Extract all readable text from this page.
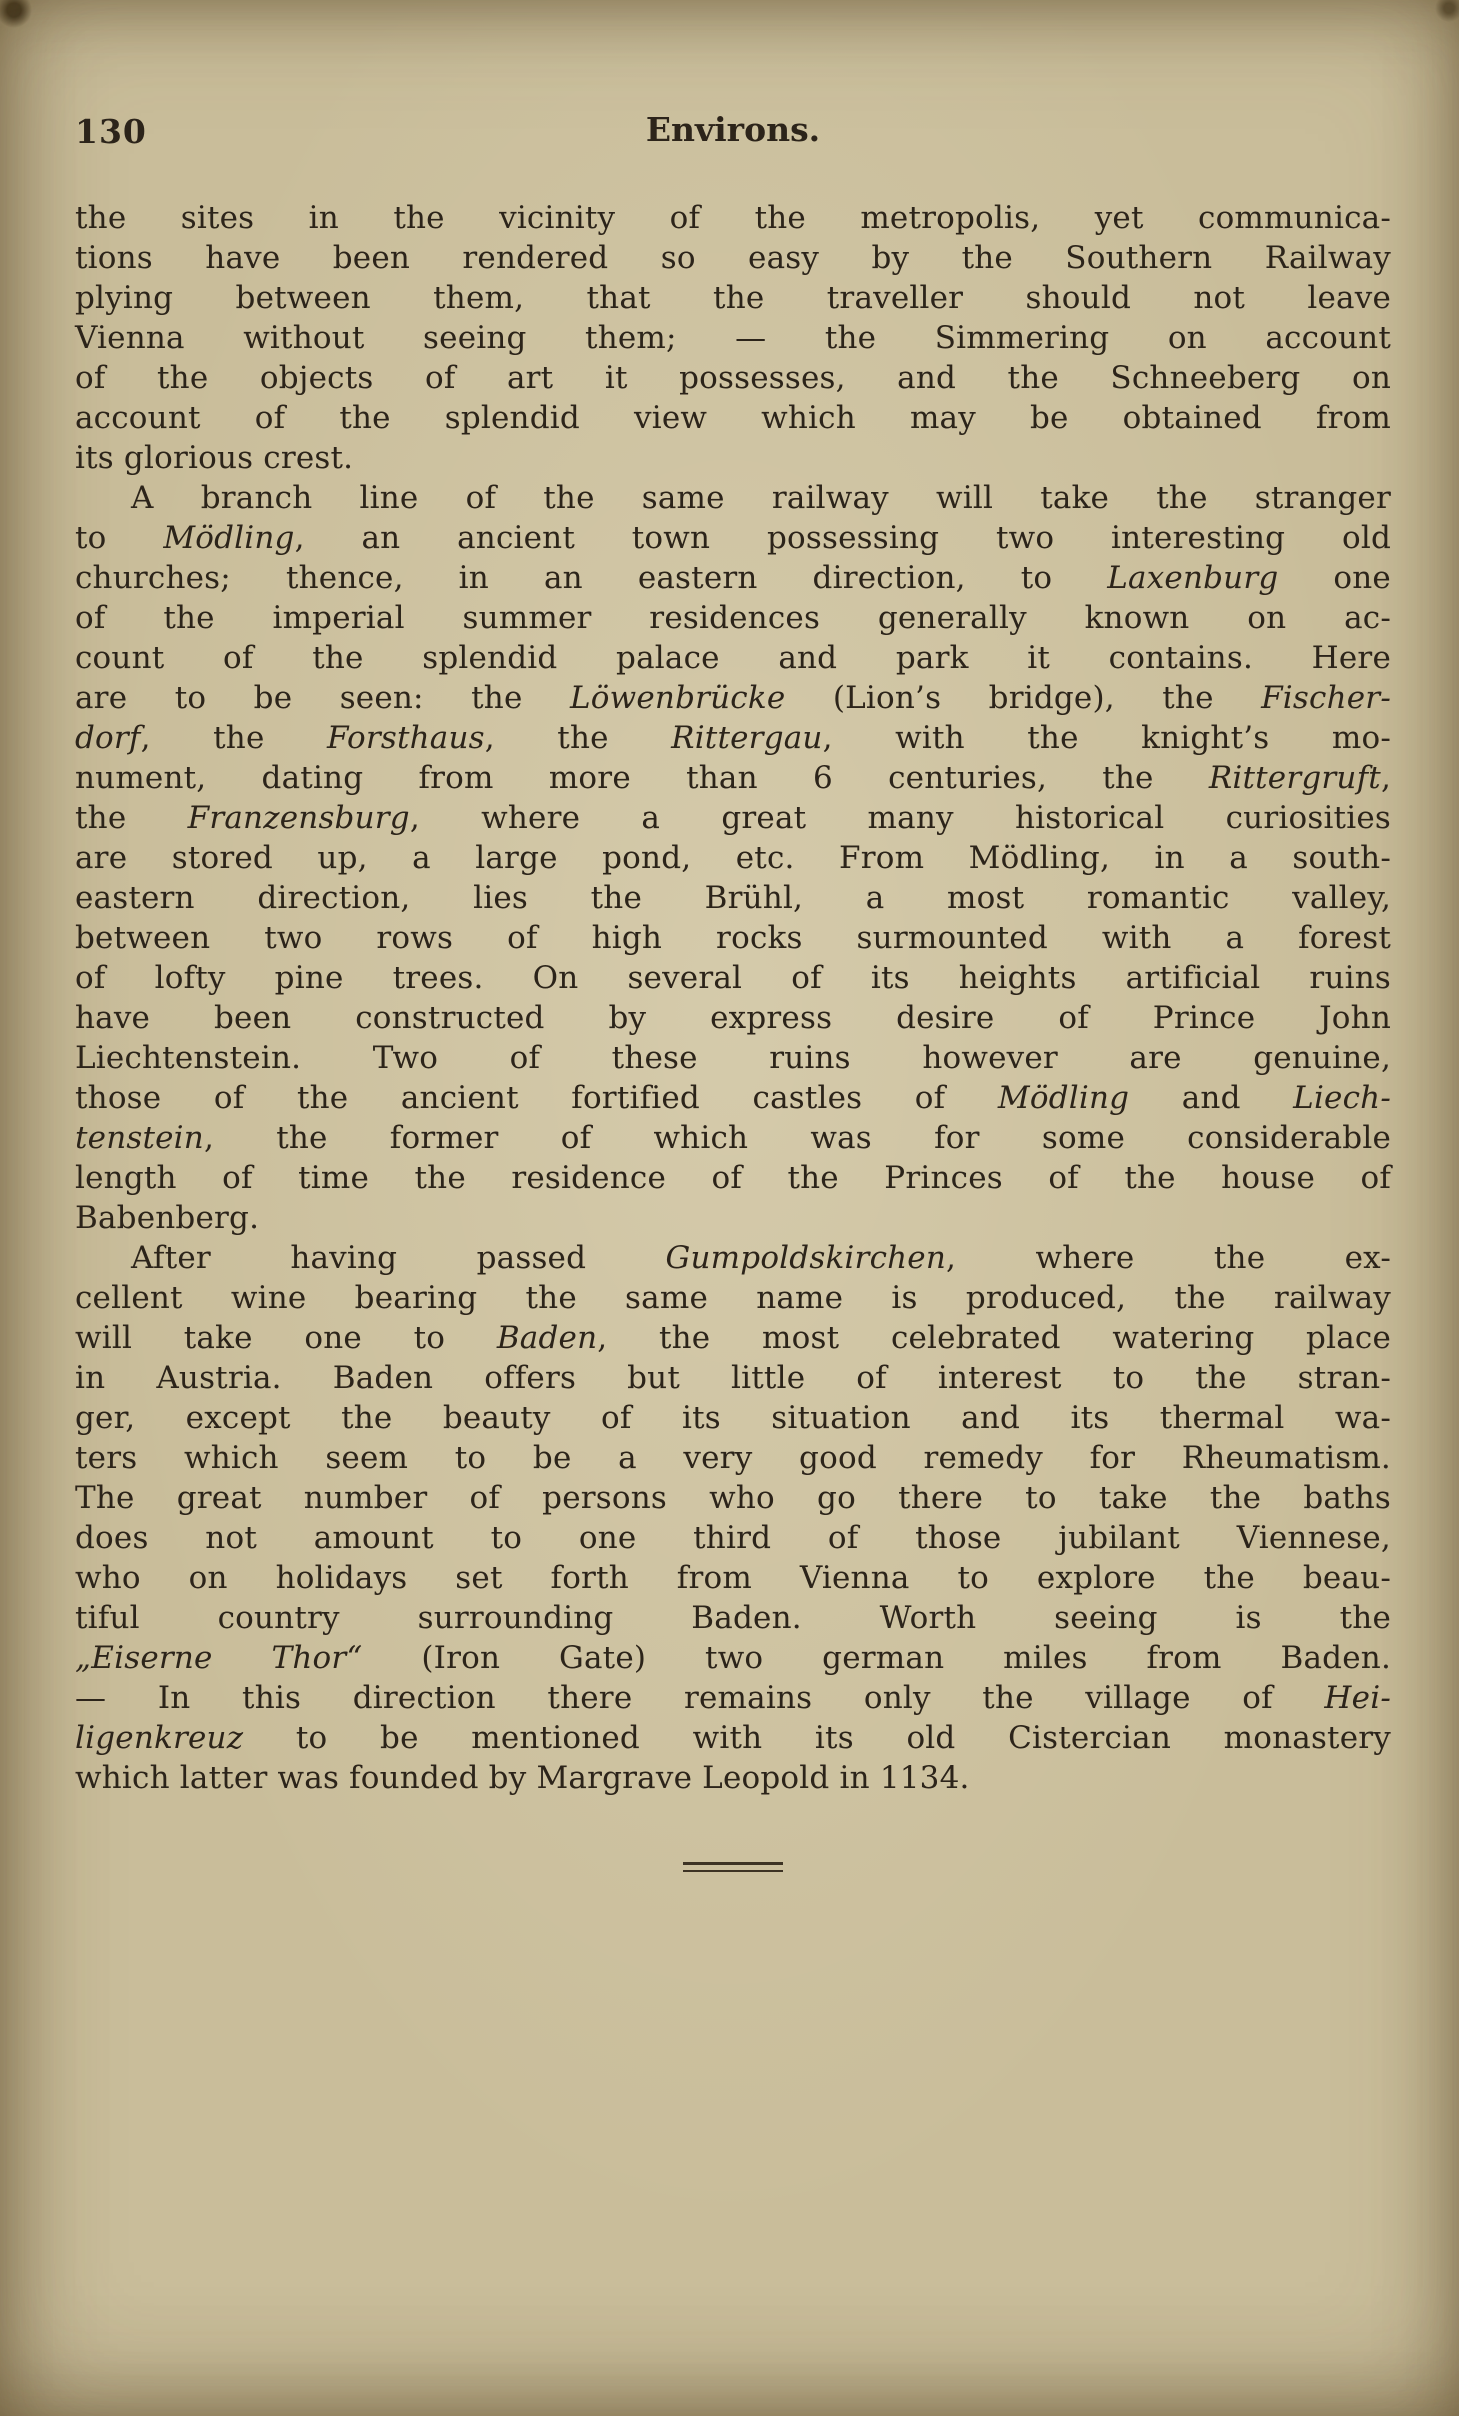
130	Environs.
the sites in the vicinity of the metropolis, yet communica-
tions have been rendered so easy by the Southern Railway
plying between them, that the traveller should not leave
Vienna without seeing them; — the Simmering on account
of the objects of art it possesses, and the Schneeberg on
account of the splendid view which may be obtained from
its glorious crest.
A branch line of the same railway will take the stranger
to Mödling, an ancient town possessing two interesting old
churches; thence, in an eastern direction, to Laxenburg one
of the imperial summer residences generally known on ac-
count of the splendid palace and park it contains. Here
are to be seen: the Löwenbrücke (Lion’s bridge), the Fischer-
dorf, the Forsthaus, the Rittergau, with the knight’s mo-
nument, dating from more than 6 centuries, the Rittergruft,
the Franzensburg, where a great many historical curiosities
are stored up, a large pond, etc. From Mödling, in a south-
eastern direction, lies the Brühl, a most romantic valley,
between two rows of high rocks surmounted with a forest
of lofty pine trees. On several of its heights artificial ruins
have been constructed by express desire of Prince John
Liechtenstein. Two of these ruins however are genuine,
those of the ancient fortified castles of Mödling and Liech-
tenstein, the former of which was for some considerable
length of time the residence of the Princes of the house of
Babenberg.
After having passed Gumpoldskirchen, where the ex-
cellent wine bearing the same name is produced, the railway
will take one to Baden, the most celebrated watering place
in Austria. Baden offers but little of interest to the stran-
ger, except the beauty of its situation and its thermal wa-
ters which seem to be a very good remedy for Rheumatism.
The great number of persons who go there to take the baths
does not amount to one third of those jubilant Viennese,
who on holidays set forth from Vienna to explore the beau-
tiful country surrounding Baden. Worth seeing is the
„Eiserne Thor“ (Iron Gate) two german miles from Baden.
— In this direction there remains only the village of Hei-
ligenkreuz to be mentioned with its old Cistercian monastery
which latter was founded by Margrave Leopold in 1134.
